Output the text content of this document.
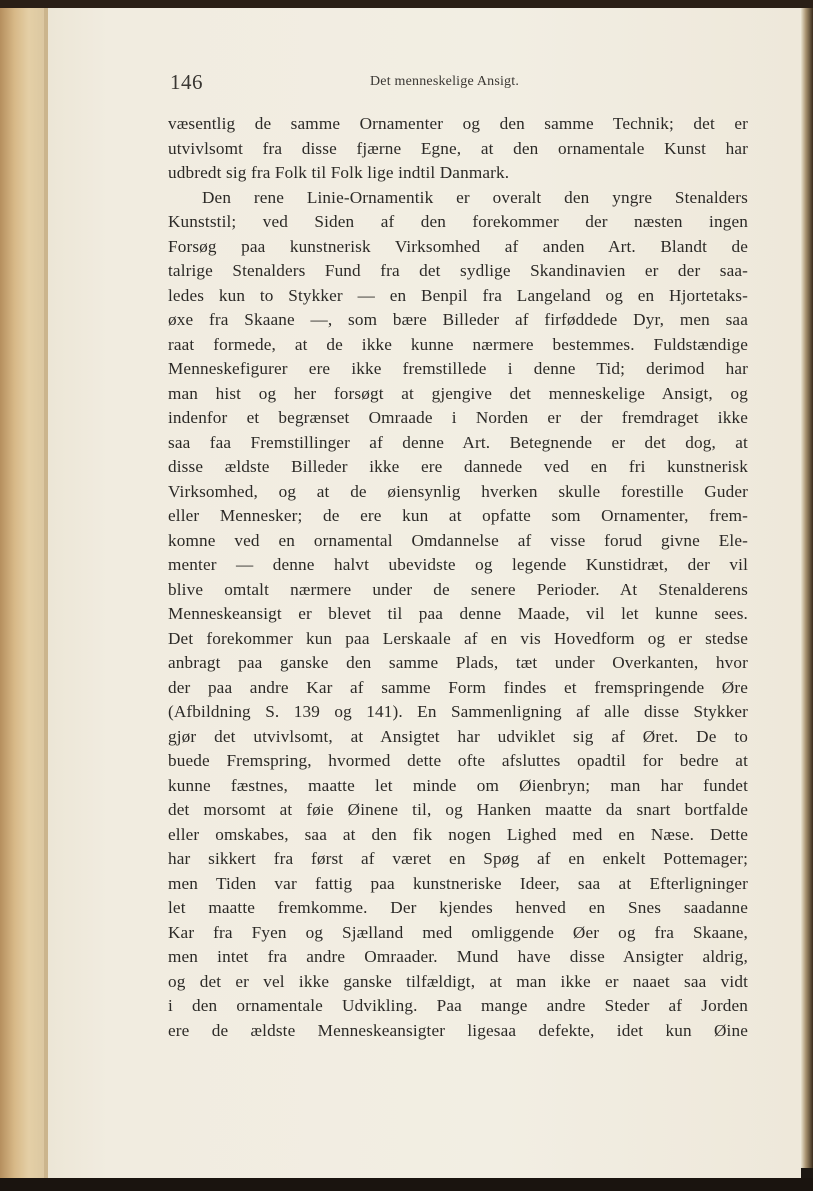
146	Det menneskelige Ansigt.
væsentlig de samme Ornamenter og den samme Technik; det er
utvivlsomt fra disse fjærne Egne, at den ornamentale Kunst har
udbredt sig fra Folk til Folk lige indtil Danmark.
Den rene Linie-Ornamentik er overalt den yngre Stenalders
Kunststil; ved Siden af den forekommer der næsten ingen
Forsøg paa kunstnerisk Virksomhed af anden Art. Blandt de
talrige Stenalders Fund fra det sydlige Skandinavien er der saa-
ledes kun to Stykker — en Benpil fra Langeland og en Hjortetaks-
øxe fra Skaane —, som bære Billeder af firføddede Dyr, men saa
raat formede, at de ikke kunne nærmere bestemmes. Fuldstændige
Menneskefigurer ere ikke fremstillede i denne Tid; derimod har
man hist og her forsøgt at gjengive det menneskelige Ansigt, og
indenfor et begrænset Omraade i Norden er der fremdraget ikke
saa faa Fremstillinger af denne Art. Betegnende er det dog, at
disse ældste Billeder ikke ere dannede ved en fri kunstnerisk
Virksomhed, og at de øiensynlig hverken skulle forestille Guder
eller Mennesker; de ere kun at opfatte som Ornamenter, frem-
komne ved en ornamental Omdannelse af visse forud givne Ele-
menter — denne halvt ubevidste og legende Kunstidræt, der vil
blive omtalt nærmere under de senere Perioder. At Stenalderens
Menneskeansigt er blevet til paa denne Maade, vil let kunne sees.
Det forekommer kun paa Lerskaale af en vis Hovedform og er stedse
anbragt paa ganske den samme Plads, tæt under Overkanten, hvor
der paa andre Kar af samme Form findes et fremspringende Øre
(Afbildning S. 139 og 141). En Sammenligning af alle disse Stykker
gjør det utvivlsomt, at Ansigtet har udviklet sig af Øret. De to
buede Fremspring, hvormed dette ofte afsluttes opadtil for bedre at
kunne fæstnes, maatte let minde om Øienbryn; man har fundet
det morsomt at føie Øinene til, og Hanken maatte da snart bortfalde
eller omskabes, saa at den fik nogen Lighed med en Næse. Dette
har sikkert fra først af været en Spøg af en enkelt Pottemager;
men Tiden var fattig paa kunstneriske Ideer, saa at Efterligninger
let maatte fremkomme. Der kjendes henved en Snes saadanne
Kar fra Fyen og Sjælland med omliggende Øer og fra Skaane,
men intet fra andre Omraader. Mund have disse Ansigter aldrig,
og det er vel ikke ganske tilfældigt, at man ikke er naaet saa vidt
i den ornamentale Udvikling. Paa mange andre Steder af Jorden
ere de ældste Menneskeansigter ligesaa defekte, idet kun Øine
